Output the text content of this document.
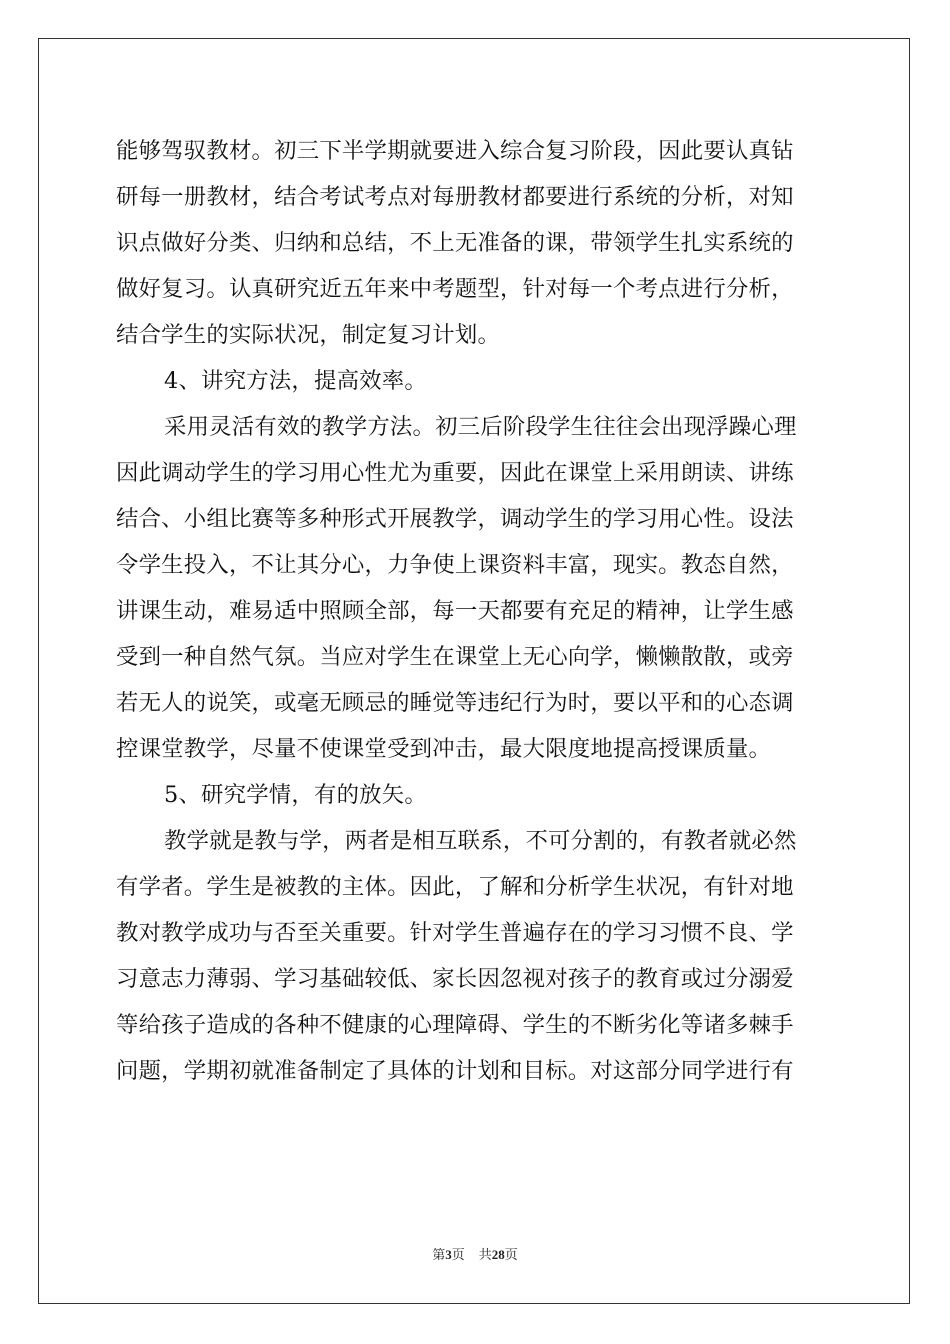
能够驾驭教材。初三下半学期就要进入综合复习阶段，因此要认真钻
研每一册教材，结合考试考点对每册教材都要进行系统的分析，对知
识点做好分类、归纳和总结，不上无准备的课，带领学生扎实系统的
做好复习。认真研究近五年来中考题型，针对每一个考点进行分析，
结合学生的实际状况，制定复习计划。
4、讲究方法，提高效率。
采用灵活有效的教学方法。初三后阶段学生往往会出现浮躁心理
因此调动学生的学习用心性尤为重要，因此在课堂上采用朗读、讲练
结合、小组比赛等多种形式开展教学，调动学生的学习用心性。设法
令学生投入，不让其分心，力争使上课资料丰富，现实。教态自然，
讲课生动，难易适中照顾全部，每一天都要有充足的精神，让学生感
受到一种自然气氛。当应对学生在课堂上无心向学，懒懒散散，或旁
若无人的说笑，或毫无顾忌的睡觉等违纪行为时，要以平和的心态调
控课堂教学，尽量不使课堂受到冲击，最大限度地提高授课质量。
5、研究学情，有的放矢。
教学就是教与学，两者是相互联系，不可分割的，有教者就必然
有学者。学生是被教的主体。因此，了解和分析学生状况，有针对地
教对教学成功与否至关重要。针对学生普遍存在的学习习惯不良、学
习意志力薄弱、学习基础较低、家长因忽视对孩子的教育或过分溺爱
等给孩子造成的各种不健康的心理障碍、学生的不断劣化等诸多棘手
问题，学期初就准备制定了具体的计划和目标。对这部分同学进行有
第3页 共28页
